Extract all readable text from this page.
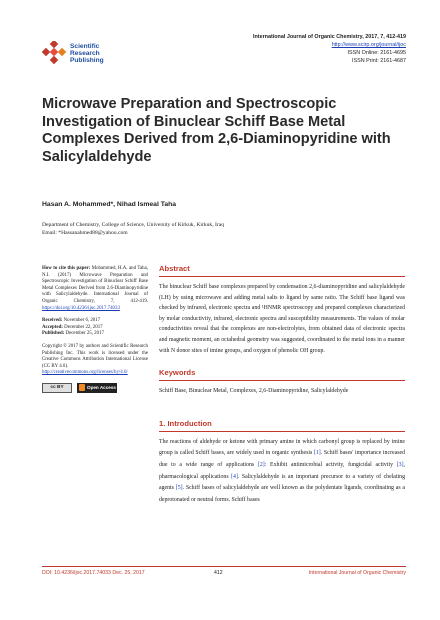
Scientific
Research
Publishing
International Journal of Organic Chemistry, 2017, 7, 412-419
http://www.scirp.org/journal/ijoc
ISSN Online: 2161-4695
ISSN Print: 2161-4687
Microwave Preparation and Spectroscopic Investigation of Binuclear Schiff Base Metal Complexes Derived from 2,6-Diaminopyridine with Salicylaldehyde
Hasan A. Mohammed*, Nihad Ismeal Taha
Department of Chemistry, College of Science, University of Kirkuk, Kirkuk, Iraq
Email: *Hassanahmed88@yahoo.com

How to cite this paper: Mohammed, H.A. and Taha, N.I. (2017) Microwave Preparation and Spectroscopic Investigation of Binuclear Schiff Base Metal Complexes Derived from 2,6-Diaminopyridine with Salicylaldehyde. International Journal of Organic Chemistry, 7, 412-419. https://doi.org/10.4236/ijoc.2017.74033

Received: November 6, 2017
Accepted: December 22, 2017
Published: December 25, 2017

Copyright © 2017 by authors and Scientific Research Publishing Inc. This work is licensed under the Creative Commons Attribution International License (CC BY 4.0).
http://creativecommons.org/licenses/by/4.0/

cc BY	Open Access
Abstract
The binuclear Schiff base complexes prepared by condensation 2,6-diaminopyridine and salicylaldehyde (LH) by using microwave and adding metal salts to ligand by same ratio. The Schiff base ligand was checked by infrared, electronic spectra and ¹HNMR spectroscopy and prepared complexes characterized by molar conductivity, infrared, electronic spectra and susceptibility measurements. The values of molar conductivities reveal that the complexes are non-electrolytes, from obtained data of electronic spectra and magnetic moment, an octahedral geometry was suggested, coordinated to the metal ions in a manner with N donor sites of imine groups, and oxygen of phenolic OH group.
Keywords
Schiff Base, Binuclear Metal, Complexes, 2,6-Diaminopyridine, Salicylaldehyde
1. Introduction
The reactions of aldehyde or ketone with primary amine in which carbonyl group is replaced by imine group is called Schiff bases, are widely used in organic synthesis [1]. Schiff bases' importance increased due to a wide range of applications [2]: Exhibit antimicrobial activity, fungicidal activity [3], pharmacological applications [4]. Salicylaldehyde is an important precursor to a variety of chelating agents [5]. Schiff bases of salicylaldehyde are well known as the polydentate ligands, coordinating as a deprotonated or neutral forms. Schiff bases
DOI: 10.4236/ijoc.2017.74033 Dec. 25, 2017	412	International Journal of Organic Chemistry
